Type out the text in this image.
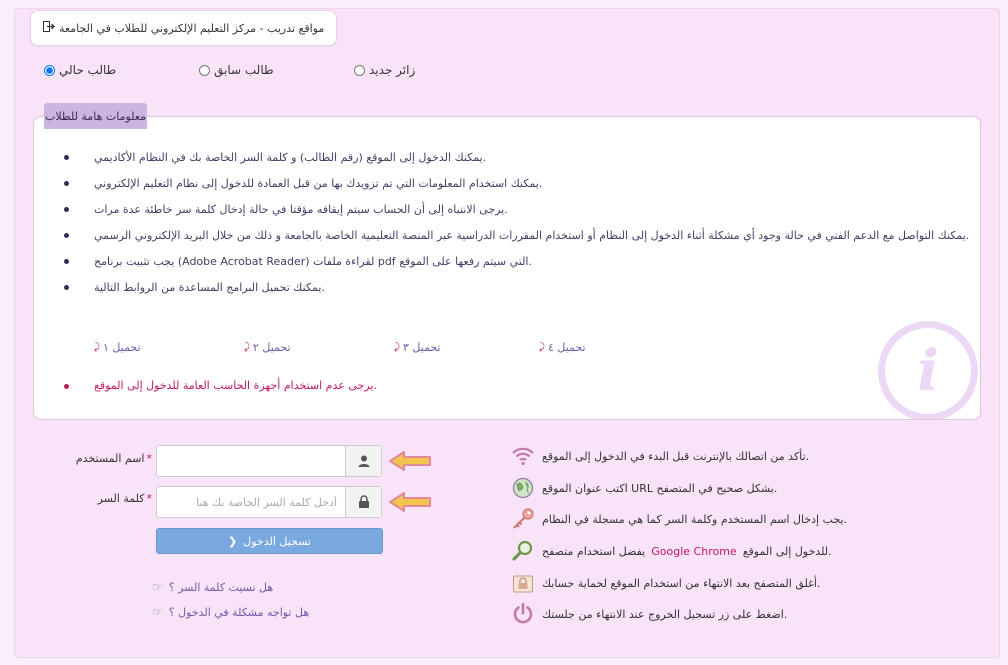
ﻣﻮﺍﻗﻊ ﺗﺪﺭﻳﺐ - ﻣﺮﻛﺰ ﺍﻟﺘﻌﻠﻴﻢ ﺍﻹﻟﻜﺘﺮﻭﻧﻲ ﻟﻠﻄﻼﺏ ﻓﻲ ﺍﻟﺠﺎﻣﻌﺔ
ﻃﺎﻟﺐ ﺣﺎﻟﻲ	ﻃﺎﻟﺐ ﺳﺎﺑﻖ	ﺯﺍﺋﺮ ﺟﺪﻳﺪ
i
ﻳﻤﻜﻨﻚ ﺍﻟﺪﺧﻮﻝ ﺇﻟﻰ ﺍﻟﻤﻮﻗﻊ (ﺭﻗﻢ ﺍﻟﻄﺎﻟﺐ) ﻭ ﻛﻠﻤﺔ ﺍﻟﺴﺮ ﺍﻟﺨﺎﺻﺔ ﺑﻚ ﻓﻲ ﺍﻟﻨﻈﺎﻡ ﺍﻷﻛﺎﺩﻳﻤﻲ.
ﻳﻤﻜﻨﻚ ﺍﺳﺘﺨﺪﺍﻡ ﺍﻟﻤﻌﻠﻮﻣﺎﺕ ﺍﻟﺘﻲ ﺗﻢ ﺗﺰﻭﻳﺪﻙ ﺑﻬﺎ ﻣﻦ ﻗﺒﻞ ﺍﻟﻌﻤﺎﺩﺓ ﻟﻠﺪﺧﻮﻝ ﺇﻟﻰ ﻧﻈﺎﻡ ﺍﻟﺘﻌﻠﻴﻢ ﺍﻹﻟﻜﺘﺮﻭﻧﻲ.
ﻳﺮﺟﻰ ﺍﻻﻧﺘﺒﺎﻩ ﺇﻟﻰ ﺃﻥ ﺍﻟﺤﺴﺎﺏ ﺳﻴﺘﻢ ﺇﻳﻘﺎﻓﻪ ﻣﺆﻗﺘﺎ ﻓﻲ ﺣﺎﻟﺔ ﺇﺩﺧﺎﻝ ﻛﻠﻤﺔ ﺳﺮ ﺧﺎﻃﺌﺔ ﻋﺪﺓ ﻣﺮﺍﺕ.
ﻳﻤﻜﻨﻚ ﺍﻟﺘﻮﺍﺻﻞ ﻣﻊ ﺍﻟﺪﻋﻢ ﺍﻟﻔﻨﻲ ﻓﻲ ﺣﺎﻟﺔ ﻭﺟﻮﺩ ﺃﻱ ﻣﺸﻜﻠﺔ ﺃﺛﻨﺎﺀ ﺍﻟﺪﺧﻮﻝ ﺇﻟﻰ ﺍﻟﻨﻈﺎﻡ ﺃﻭ ﺍﺳﺘﺨﺪﺍﻡ ﺍﻟﻤﻘﺮﺭﺍﺕ ﺍﻟﺪﺭﺍﺳﻴﺔ ﻋﺒﺮ ﺍﻟﻤﻨﺼﺔ ﺍﻟﺘﻌﻠﻴﻤﻴﺔ ﺍﻟﺨﺎﺻﺔ ﺑﺎﻟﺠﺎﻣﻌﺔ ﻭ ﺫﻟﻚ ﻣﻦ ﺧﻼﻝ ﺍﻟﺒﺮﻳﺪ ﺍﻹﻟﻜﺘﺮﻭﻧﻲ ﺍﻟﺮﺳﻤﻲ.
ﻳﺠﺐ ﺗﺜﺒﻴﺖ ﺑﺮﻧﺎﻣﺞ (Adobe Acrobat Reader) ﻟﻘﺮﺍﺀﺓ ﻣﻠﻔﺎﺕ pdf ﺍﻟﺘﻲ ﺳﻴﺘﻢ ﺭﻓﻌﻬﺎ ﻋﻠﻰ ﺍﻟﻤﻮﻗﻊ.
ﻳﻤﻜﻨﻚ ﺗﺤﻤﻴﻞ ﺍﻟﺒﺮﺍﻣﺞ ﺍﻟﻤﺴﺎﻋﺪﺓ ﻣﻦ ﺍﻟﺮﻭﺍﺑﻂ ﺍﻟﺘﺎﻟﻴﺔ.
⤸ ﺗﺤﻤﻴﻞ ١	⤸ ﺗﺤﻤﻴﻞ ٢	⤸ ﺗﺤﻤﻴﻞ ٣	⤸ ﺗﺤﻤﻴﻞ ٤
ﻳﺮﺟﻰ ﻋﺪﻡ ﺍﺳﺘﺨﺪﺍﻡ ﺃﺟﻬﺰﺓ ﺍﻟﺤﺎﺳﺐ ﺍﻟﻌﺎﻣﺔ ﻟﻠﺪﺧﻮﻝ ﺇﻟﻰ ﺍﻟﻤﻮﻗﻊ.
ﻣﻌﻠﻮﻣﺎﺕ ﻫﺎﻣﺔ ﻟﻠﻄﻼﺏ
ﺍﺳﻢ ﺍﻟﻤﺴﺘﺨﺪﻡ *
ﻛﻠﻤﺔ ﺍﻟﺴﺮ *
❯ ﺗﺴﺠﻴﻞ ﺍﻟﺪﺧﻮﻝ
☞ ﻫﻞ ﻧﺴﻴﺖ ﻛﻠﻤﺔ ﺍﻟﺴﺮ ؟
☞ ﻫﻞ ﺗﻮﺍﺟﻪ ﻣﺸﻜﻠﺔ ﻓﻲ ﺍﻟﺪﺧﻮﻝ ؟
ﺗﺄﻛﺪ ﻣﻦ ﺍﺗﺼﺎﻟﻚ ﺑﺎﻹﻧﺘﺮﻧﺖ ﻗﺒﻞ ﺍﻟﺒﺪﺀ ﻓﻲ ﺍﻟﺪﺧﻮﻝ ﺇﻟﻰ ﺍﻟﻤﻮﻗﻊ.
ﺍﻛﺘﺐ ﻋﻨﻮﺍﻥ ﺍﻟﻤﻮﻗﻊ URL ﺑﺸﻜﻞ ﺻﺤﻴﺢ ﻓﻲ ﺍﻟﻤﺘﺼﻔﺢ.
ﻳﺠﺐ ﺇﺩﺧﺎﻝ ﺍﺳﻢ ﺍﻟﻤﺴﺘﺨﺪﻡ ﻭﻛﻠﻤﺔ ﺍﻟﺴﺮ ﻛﻤﺎ ﻫﻲ ﻣﺴﺠﻠﺔ ﻓﻲ ﺍﻟﻨﻈﺎﻡ.
ﻳﻔﻀﻞ ﺍﺳﺘﺨﺪﺍﻡ ﻣﺘﺼﻔﺢ Google Chrome ﻟﻠﺪﺧﻮﻝ ﺇﻟﻰ ﺍﻟﻤﻮﻗﻊ.
ﺃﻏﻠﻖ ﺍﻟﻤﺘﺼﻔﺢ ﺑﻌﺪ ﺍﻻﻧﺘﻬﺎﺀ ﻣﻦ ﺍﺳﺘﺨﺪﺍﻡ ﺍﻟﻤﻮﻗﻊ ﻟﺤﻤﺎﻳﺔ ﺣﺴﺎﺑﻚ.
ﺍﺿﻐﻂ ﻋﻠﻰ ﺯﺭ ﺗﺴﺠﻴﻞ ﺍﻟﺨﺮﻭﺝ ﻋﻨﺪ ﺍﻻﻧﺘﻬﺎﺀ ﻣﻦ ﺟﻠﺴﺘﻚ.
